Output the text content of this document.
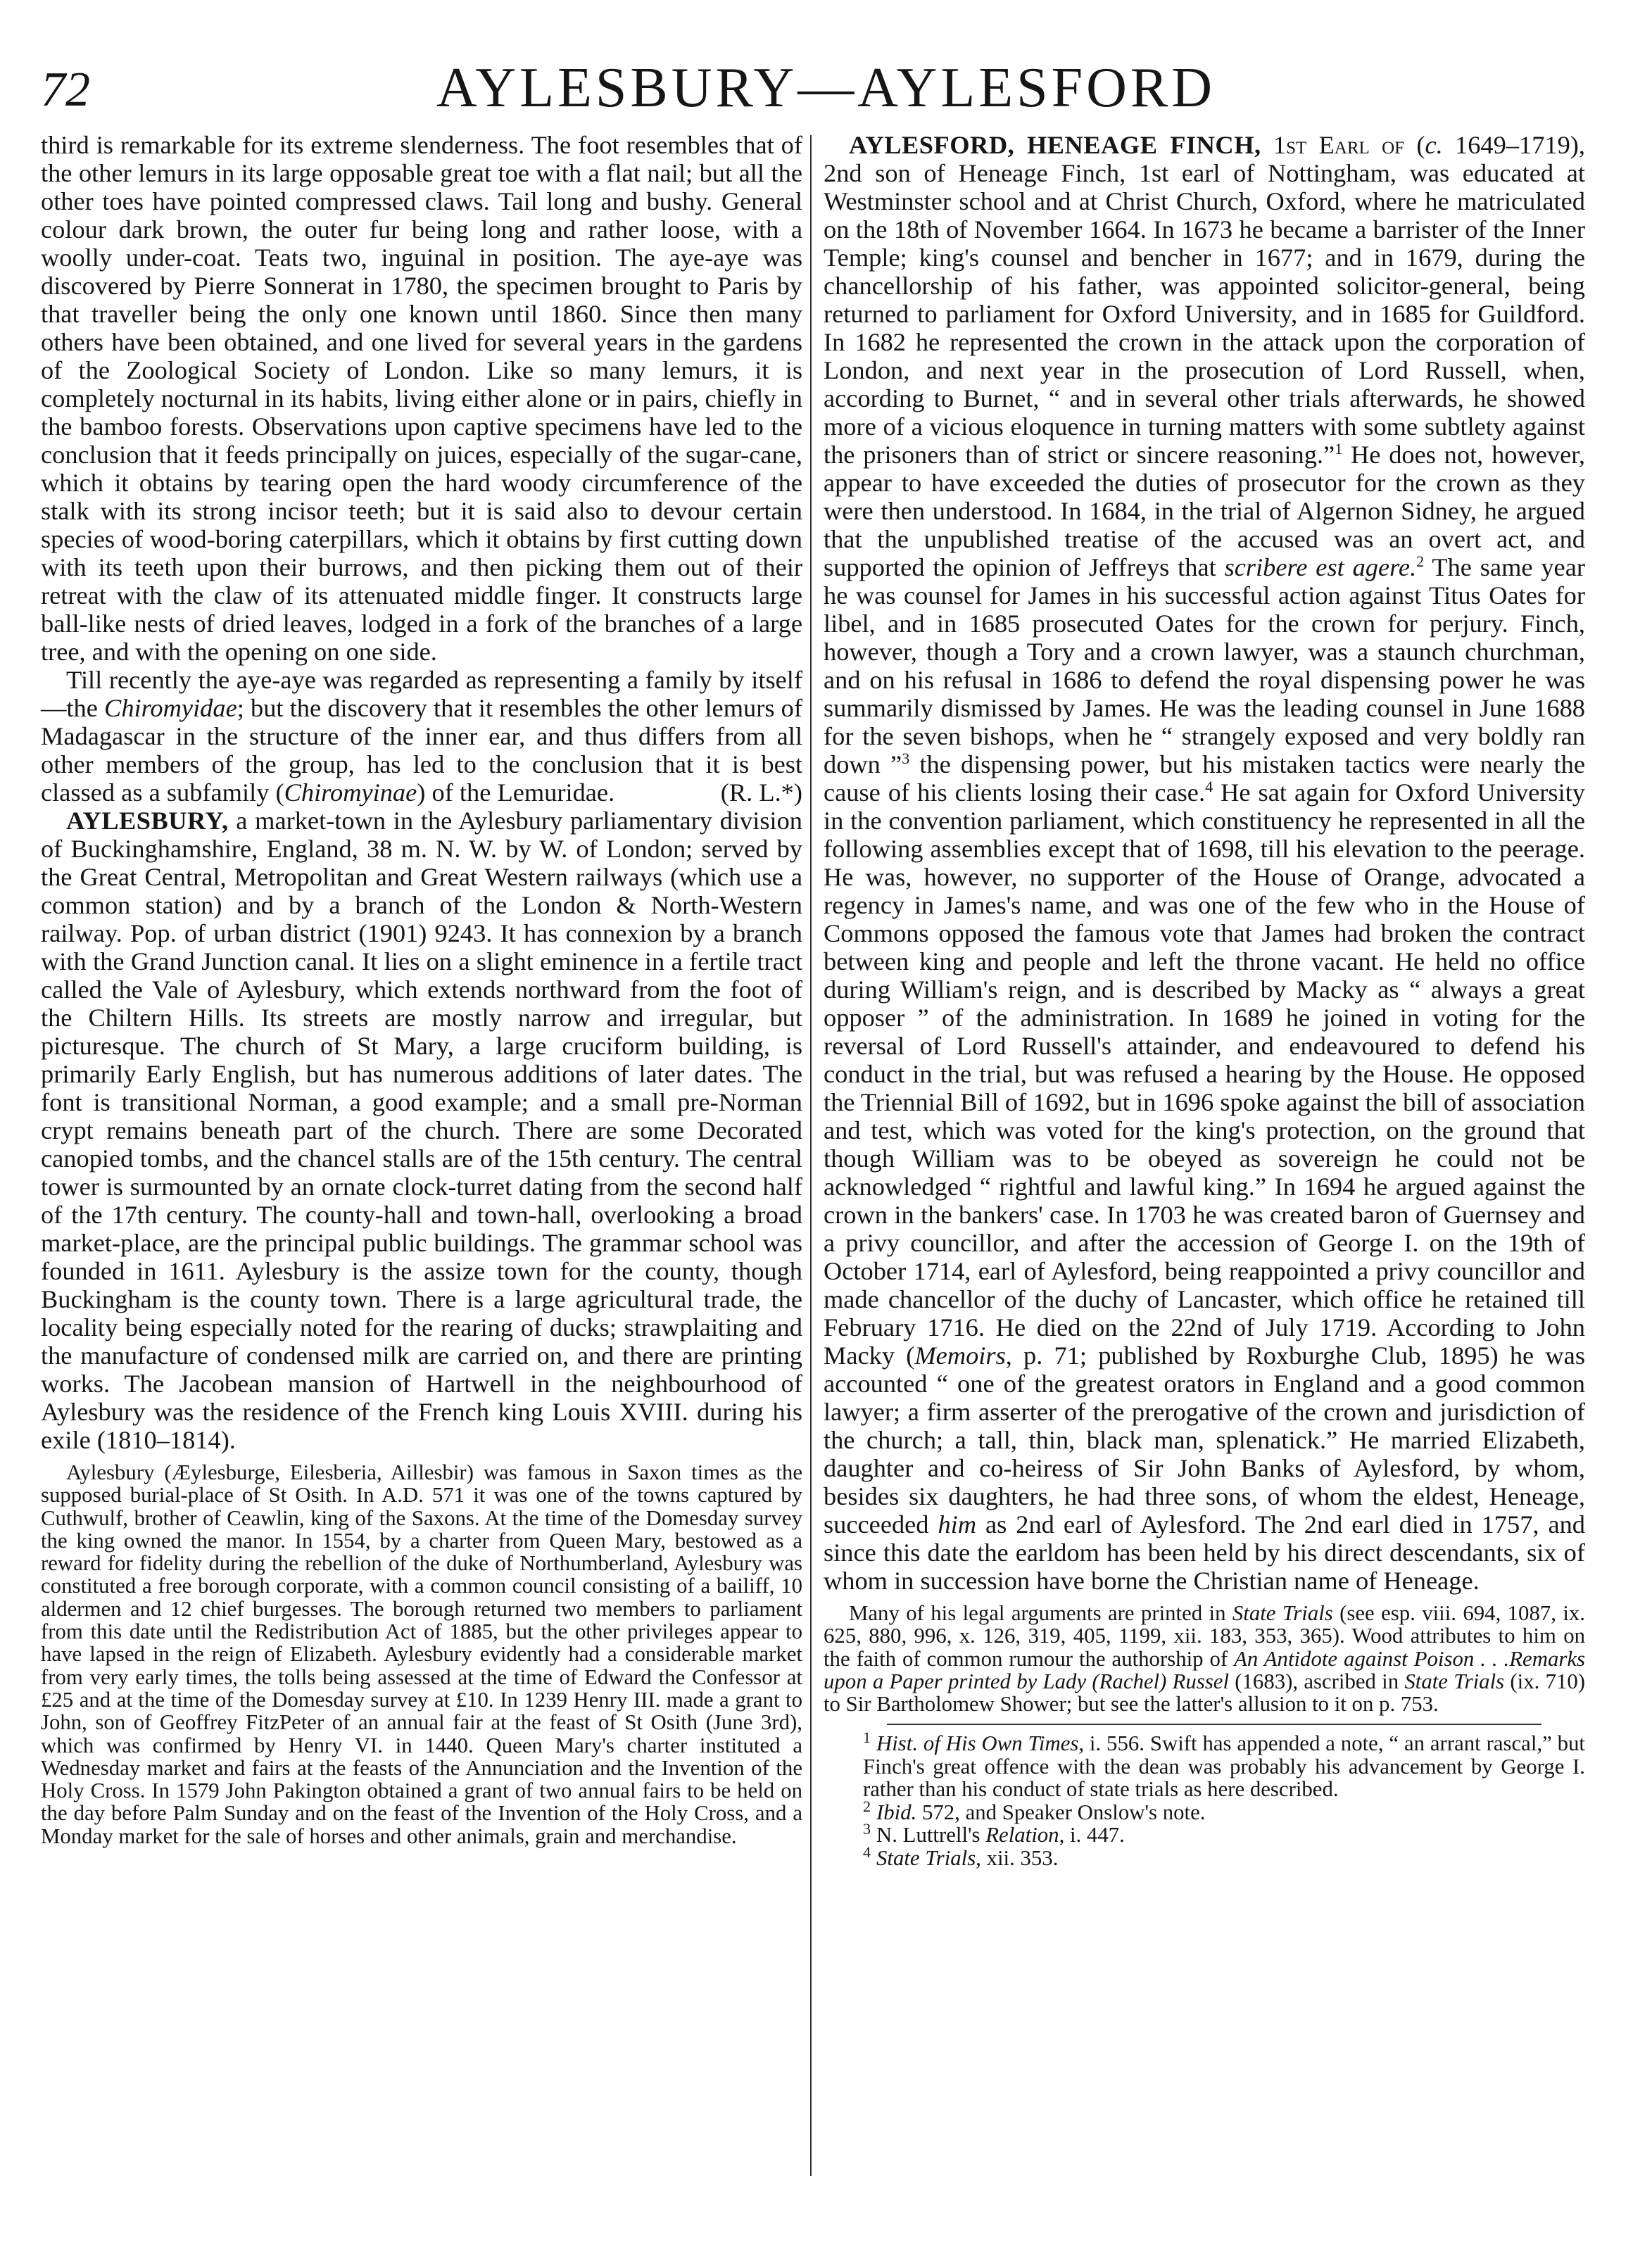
72	AYLESBURY—AYLESFORD

third is remarkable for its extreme slenderness. The foot resembles that of the other lemurs in its large opposable great toe with a flat nail; but all the other toes have pointed compressed claws. Tail long and bushy. General colour dark brown, the outer fur being long and rather loose, with a woolly under-coat. Teats two, inguinal in position. The aye-aye was discovered by Pierre Sonnerat in 1780, the specimen brought to Paris by that traveller being the only one known until 1860. Since then many others have been obtained, and one lived for several years in the gardens of the Zoological Society of London. Like so many lemurs, it is completely nocturnal in its habits, living either alone or in pairs, chiefly in the bamboo forests. Observations upon captive specimens have led to the conclusion that it feeds principally on juices, especially of the sugar-cane, which it obtains by tearing open the hard woody circumference of the stalk with its strong incisor teeth; but it is said also to devour certain species of wood-boring caterpillars, which it obtains by first cutting down with its teeth upon their burrows, and then picking them out of their retreat with the claw of its attenuated middle finger. It constructs large ball-like nests of dried leaves, lodged in a fork of the branches of a large tree, and with the opening on one side.

Till recently the aye-aye was regarded as representing a family by itself—the Chiromyidae; but the discovery that it resembles the other lemurs of Madagascar in the structure of the inner ear, and thus differs from all other members of the group, has led to the conclusion that it is best classed as a subfamily (Chiromyinae) of the Lemuridae.	(R. L.*)

AYLESBURY, a market-town in the Aylesbury parliamentary division of Buckinghamshire, England, 38 m. N. W. by W. of London; served by the Great Central, Metropolitan and Great Western railways (which use a common station) and by a branch of the London & North-Western railway. Pop. of urban district (1901) 9243. It has connexion by a branch with the Grand Junction canal. It lies on a slight eminence in a fertile tract called the Vale of Aylesbury, which extends northward from the foot of the Chiltern Hills. Its streets are mostly narrow and irregular, but picturesque. The church of St Mary, a large cruciform building, is primarily Early English, but has numerous additions of later dates. The font is transitional Norman, a good example; and a small pre-Norman crypt remains beneath part of the church. There are some Decorated canopied tombs, and the chancel stalls are of the 15th century. The central tower is surmounted by an ornate clock-turret dating from the second half of the 17th century. The county-hall and town-hall, overlooking a broad market-place, are the principal public buildings. The grammar school was founded in 1611. Aylesbury is the assize town for the county, though Buckingham is the county town. There is a large agricultural trade, the locality being especially noted for the rearing of ducks; strawplaiting and the manufacture of condensed milk are carried on, and there are printing works. The Jacobean mansion of Hartwell in the neighbourhood of Aylesbury was the residence of the French king Louis XVIII. during his exile (1810–1814).

Aylesbury (Æylesburge, Eilesberia, Aillesbir) was famous in Saxon times as the supposed burial-place of St Osith. In A.D. 571 it was one of the towns captured by Cuthwulf, brother of Ceawlin, king of the Saxons. At the time of the Domesday survey the king owned the manor. In 1554, by a charter from Queen Mary, bestowed as a reward for fidelity during the rebellion of the duke of Northumberland, Aylesbury was constituted a free borough corporate, with a common council consisting of a bailiff, 10 aldermen and 12 chief burgesses. The borough returned two members to parliament from this date until the Redistribution Act of 1885, but the other privileges appear to have lapsed in the reign of Elizabeth. Aylesbury evidently had a considerable market from very early times, the tolls being assessed at the time of Edward the Confessor at £25 and at the time of the Domesday survey at £10. In 1239 Henry III. made a grant to John, son of Geoffrey FitzPeter of an annual fair at the feast of St Osith (June 3rd), which was confirmed by Henry VI. in 1440. Queen Mary's charter instituted a Wednesday market and fairs at the feasts of the Annunciation and the Invention of the Holy Cross. In 1579 John Pakington obtained a grant of two annual fairs to be held on the day before Palm Sunday and on the feast of the Invention of the Holy Cross, and a Monday market for the sale of horses and other animals, grain and merchandise.

AYLESFORD, HENEAGE FINCH, 1st Earl of (c. 1649–1719), 2nd son of Heneage Finch, 1st earl of Nottingham, was educated at Westminster school and at Christ Church, Oxford, where he matriculated on the 18th of November 1664. In 1673 he became a barrister of the Inner Temple; king's counsel and bencher in 1677; and in 1679, during the chancellorship of his father, was appointed solicitor-general, being returned to parliament for Oxford University, and in 1685 for Guildford. In 1682 he represented the crown in the attack upon the corporation of London, and next year in the prosecution of Lord Russell, when, according to Burnet, “ and in several other trials afterwards, he showed more of a vicious eloquence in turning matters with some subtlety against the prisoners than of strict or sincere reasoning.”$^1$ He does not, however, appear to have exceeded the duties of prosecutor for the crown as they were then understood. In 1684, in the trial of Algernon Sidney, he argued that the unpublished treatise of the accused was an overt act, and supported the opinion of Jeffreys that scribere est agere.$^2$ The same year he was counsel for James in his successful action against Titus Oates for libel, and in 1685 prosecuted Oates for the crown for perjury. Finch, however, though a Tory and a crown lawyer, was a staunch churchman, and on his refusal in 1686 to defend the royal dispensing power he was summarily dismissed by James. He was the leading counsel in June 1688 for the seven bishops, when he “ strangely exposed and very boldly ran down ”$^3$ the dispensing power, but his mistaken tactics were nearly the cause of his clients losing their case.$^4$ He sat again for Oxford University in the convention parliament, which constituency he represented in all the following assemblies except that of 1698, till his elevation to the peerage. He was, however, no supporter of the House of Orange, advocated a regency in James's name, and was one of the few who in the House of Commons opposed the famous vote that James had broken the contract between king and people and left the throne vacant. He held no office during William's reign, and is described by Macky as “ always a great opposer ” of the administration. In 1689 he joined in voting for the reversal of Lord Russell's attainder, and endeavoured to defend his conduct in the trial, but was refused a hearing by the House. He opposed the Triennial Bill of 1692, but in 1696 spoke against the bill of association and test, which was voted for the king's protection, on the ground that though William was to be obeyed as sovereign he could not be acknowledged “ rightful and lawful king.” In 1694 he argued against the crown in the bankers' case. In 1703 he was created baron of Guernsey and a privy councillor, and after the accession of George I. on the 19th of October 1714, earl of Aylesford, being reappointed a privy councillor and made chancellor of the duchy of Lancaster, which office he retained till February 1716. He died on the 22nd of July 1719. According to John Macky (Memoirs, p. 71; published by Roxburghe Club, 1895) he was accounted “ one of the greatest orators in England and a good common lawyer; a firm asserter of the prerogative of the crown and jurisdiction of the church; a tall, thin, black man, splenatick.” He married Elizabeth, daughter and co-heiress of Sir John Banks of Aylesford, by whom, besides six daughters, he had three sons, of whom the eldest, Heneage, succeeded him as 2nd earl of Aylesford. The 2nd earl died in 1757, and since this date the earldom has been held by his direct descendants, six of whom in succession have borne the Christian name of Heneage.

Many of his legal arguments are printed in State Trials (see esp. viii. 694, 1087, ix. 625, 880, 996, x. 126, 319, 405, 1199, xii. 183, 353, 365). Wood attributes to him on the faith of common rumour the authorship of An Antidote against Poison . . .Remarks upon a Paper printed by Lady (Rachel) Russel (1683), ascribed in State Trials (ix. 710) to Sir Bartholomew Shower; but see the latter's allusion to it on p. 753.

$^1$ Hist. of His Own Times, i. 556. Swift has appended a note, “ an arrant rascal,” but Finch's great offence with the dean was probably his advancement by George I. rather than his conduct of state trials as here described.

$^2$ Ibid. 572, and Speaker Onslow's note.

$^3$ N. Luttrell's Relation, i. 447.

$^4$ State Trials, xii. 353.
